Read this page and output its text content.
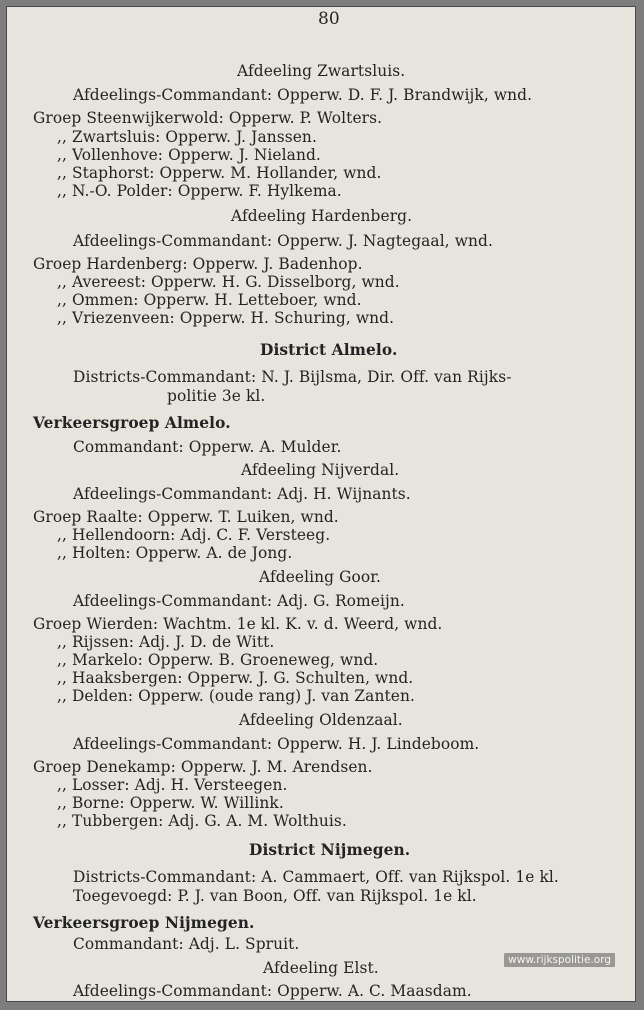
80
Afdeeling Zwartsluis.
Afdeelings-Commandant: Opperw. D. F. J. Brandwijk, wnd.
Groep Steenwijkerwold: Opperw. P. Wolters.
,, Zwartsluis: Opperw. J. Janssen.
,, Vollenhove: Opperw. J. Nieland.
,, Staphorst: Opperw. M. Hollander, wnd.
,, N.-O. Polder: Opperw. F. Hylkema.
Afdeeling Hardenberg.
Afdeelings-Commandant: Opperw. J. Nagtegaal, wnd.
Groep Hardenberg: Opperw. J. Badenhop.
,, Avereest: Opperw. H. G. Disselborg, wnd.
,, Ommen: Opperw. H. Letteboer, wnd.
,, Vriezenveen: Opperw. H. Schuring, wnd.
District Almelo.
Districts-Commandant: N. J. Bijlsma, Dir. Off. van Rijks-
politie 3e kl.
Verkeersgroep Almelo.
Commandant: Opperw. A. Mulder.
Afdeeling Nijverdal.
Afdeelings-Commandant: Adj. H. Wijnants.
Groep Raalte: Opperw. T. Luiken, wnd.
,, Hellendoorn: Adj. C. F. Versteeg.
,, Holten: Opperw. A. de Jong.
Afdeeling Goor.
Afdeelings-Commandant: Adj. G. Romeijn.
Groep Wierden: Wachtm. 1e kl. K. v. d. Weerd, wnd.
,, Rijssen: Adj. J. D. de Witt.
,, Markelo: Opperw. B. Groeneweg, wnd.
,, Haaksbergen: Opperw. J. G. Schulten, wnd.
,, Delden: Opperw. (oude rang) J. van Zanten.
Afdeeling Oldenzaal.
Afdeelings-Commandant: Opperw. H. J. Lindeboom.
Groep Denekamp: Opperw. J. M. Arendsen.
,, Losser: Adj. H. Versteegen.
,, Borne: Opperw. W. Willink.
,, Tubbergen: Adj. G. A. M. Wolthuis.
District Nijmegen.
Districts-Commandant: A. Cammaert, Off. van Rijkspol. 1e kl.
Toegevoegd: P. J. van Boon, Off. van Rijkspol. 1e kl.
Verkeersgroep Nijmegen.
Commandant: Adj. L. Spruit.
Afdeeling Elst.
Afdeelings-Commandant: Opperw. A. C. Maasdam.
www.rijkspolitie.org
